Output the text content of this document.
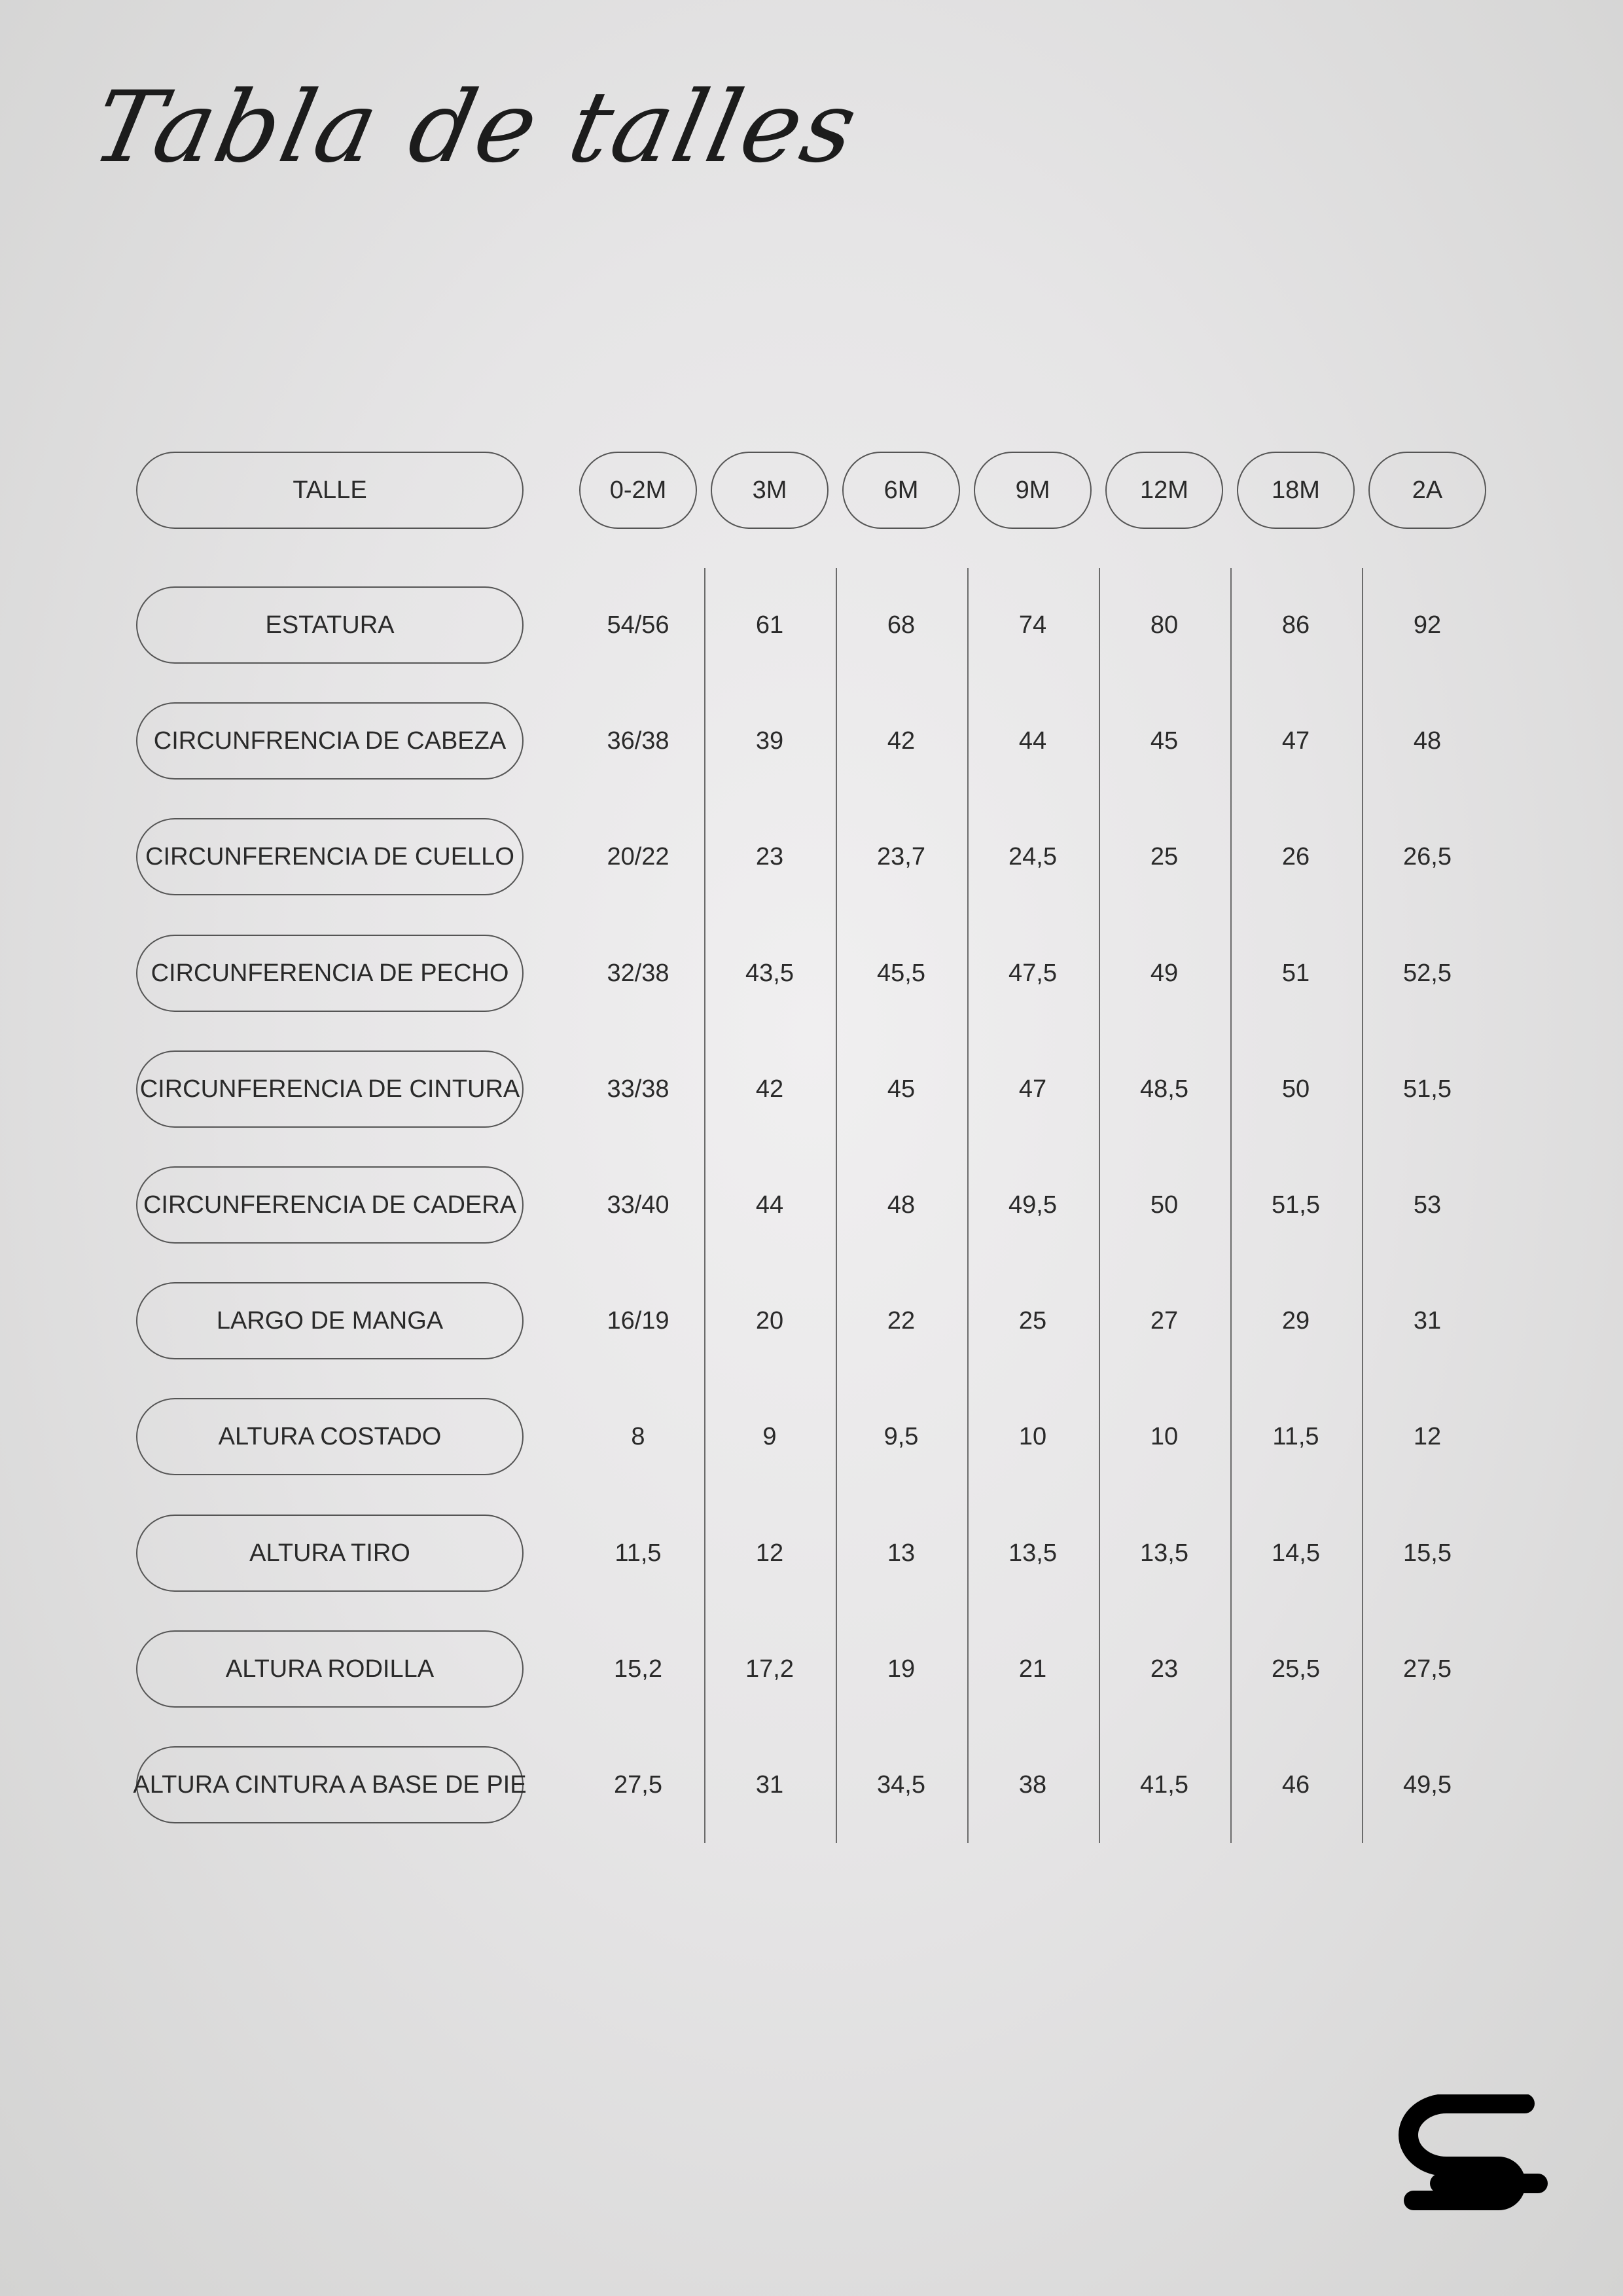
Tabla de talles
TALLE	0-2M	3M	6M	9M	12M	18M	2A
ESTATURA	54/56	61	68	74	80	86	92
CIRCUNFRENCIA DE CABEZA	36/38	39	42	44	45	47	48
CIRCUNFERENCIA DE CUELLO	20/22	23	23,7	24,5	25	26	26,5
CIRCUNFERENCIA DE PECHO	32/38	43,5	45,5	47,5	49	51	52,5
CIRCUNFERENCIA DE CINTURA	33/38	42	45	47	48,5	50	51,5
CIRCUNFERENCIA DE CADERA	33/40	44	48	49,5	50	51,5	53
LARGO DE MANGA	16/19	20	22	25	27	29	31
ALTURA COSTADO	8	9	9,5	10	10	11,5	12
ALTURA TIRO	11,5	12	13	13,5	13,5	14,5	15,5
ALTURA RODILLA	15,2	17,2	19	21	23	25,5	27,5
ALTURA CINTURA A BASE DE PIE	27,5	31	34,5	38	41,5	46	49,5
